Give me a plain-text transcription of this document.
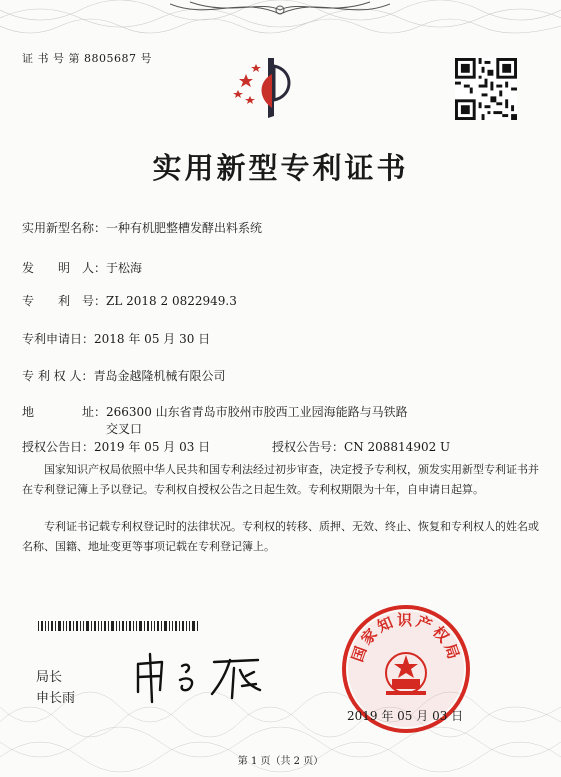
证 书 号 第 8805687 号
实用新型专利证书
实用新型名称：一种有机肥整槽发酵出料系统
发　　明　人：于松海
专　　利　号：ZL 2018 2 0822949.3
专利申请日：2018 年 05 月 30 日
专 利 权 人：青岛金越隆机械有限公司
地　　　　址：266300 山东省青岛市胶州市胶西工业园海能路与马铁路
交叉口
授权公告日：2019 年 05 月 03 日	授权公告号：CN 208814902 U
国家知识产权局依照中华人民共和国专利法经过初步审查，决定授予专利权，颁发实用新型专利证书并在专利登记簿上予以登记。专利权自授权公告之日起生效。专利权期限为十年，自申请日起算。
专利证书记载专利权登记时的法律状况。专利权的转移、质押、无效、终止、恢复和专利权人的姓名或名称、国籍、地址变更等事项记载在专利登记簿上。
局长
申长雨
国家知识产权局
2019 年 05 月 03 日
第 1 页（共 2 页）
